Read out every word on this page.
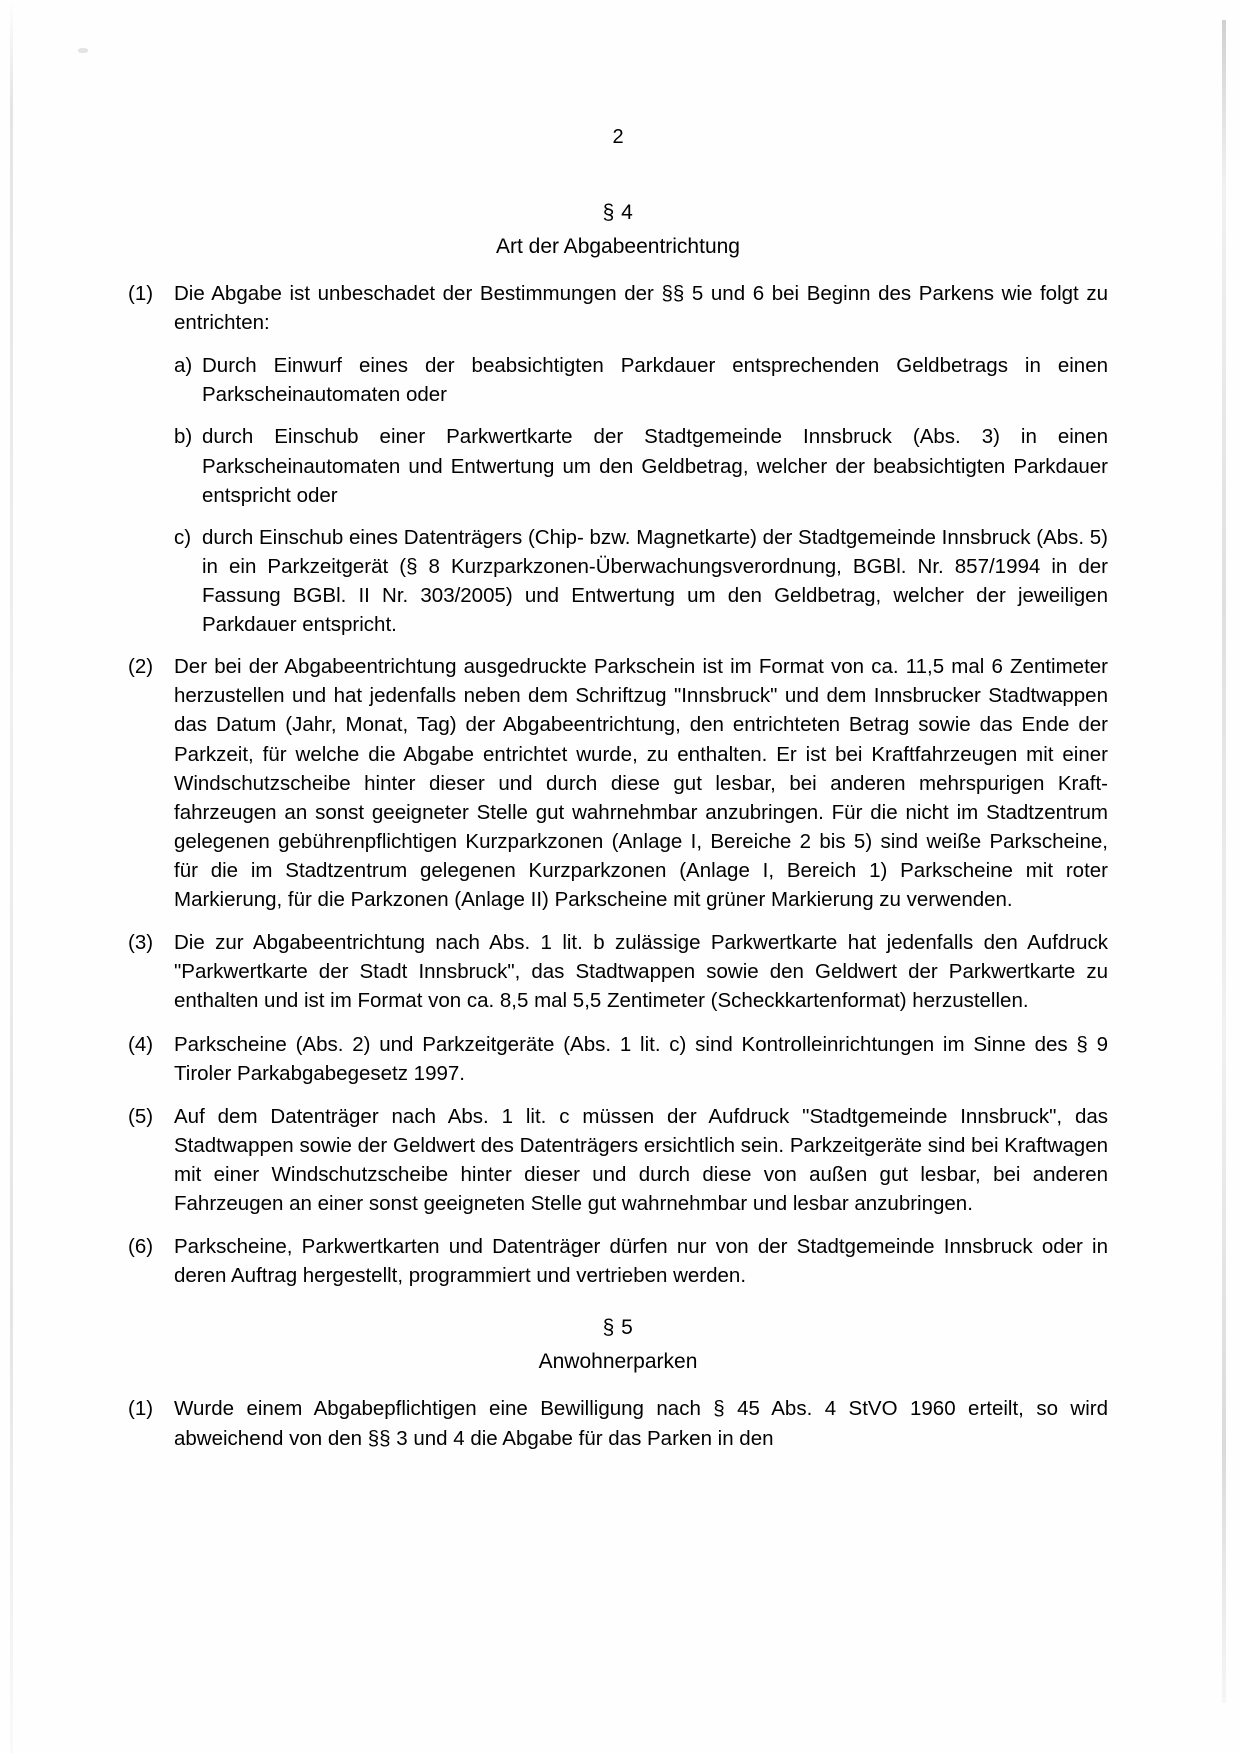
2
§ 4
Art der Abgabeentrichtung
(1)	Die Abgabe ist unbeschadet der Bestimmungen der §§ 5 und 6 bei Beginn des Parkens wie folgt zu entrichten:
a) Durch Einwurf eines der beabsichtigten Parkdauer entsprechenden Geldbetrags in einen Parkscheinautomaten oder
b) durch Einschub einer Parkwertkarte der Stadtgemeinde Innsbruck (Abs. 3) in einen Parkscheinautomaten und Entwertung um den Geldbetrag, welcher der beabsichtigten Parkdauer entspricht oder
c) durch Einschub eines Datenträgers (Chip- bzw. Magnetkarte) der Stadtgemeinde Innsbruck (Abs. 5) in ein Parkzeitgerät (§ 8 Kurzparkzonen-Überwachungsverordnung, BGBl. Nr. 857/1994 in der Fassung BGBl. II Nr. 303/2005) und Entwertung um den Geldbetrag, welcher der jeweiligen Parkdauer entspricht.
(2)	Der bei der Abgabeentrichtung ausgedruckte Parkschein ist im Format von ca. 11,5 mal 6 Zentimeter herzustellen und hat jedenfalls neben dem Schriftzug "Innsbruck" und dem Innsbrucker Stadtwappen das Datum (Jahr, Monat, Tag) der Abgabeentrichtung, den entrichteten Betrag sowie das Ende der Parkzeit, für welche die Abgabe entrichtet wurde, zu enthalten. Er ist bei Kraftfahrzeugen mit einer Windschutzscheibe hinter dieser und durch diese gut lesbar, bei anderen mehrspurigen Kraftfahrzeugen an sonst geeigneter Stelle gut wahrnehmbar anzubringen. Für die nicht im Stadtzentrum gelegenen gebührenpflichtigen Kurzparkzonen (Anlage I, Bereiche 2 bis 5) sind weiße Parkscheine, für die im Stadtzentrum gelegenen Kurzparkzonen (Anlage I, Bereich 1) Parkscheine mit roter Markierung, für die Parkzonen (Anlage II) Parkscheine mit grüner Markierung zu verwenden.
(3)	Die zur Abgabeentrichtung nach Abs. 1 lit. b zulässige Parkwertkarte hat jedenfalls den Aufdruck "Parkwertkarte der Stadt Innsbruck", das Stadtwappen sowie den Geldwert der Parkwertkarte zu enthalten und ist im Format von ca. 8,5 mal 5,5 Zentimeter (Scheckkartenformat) herzustellen.
(4)	Parkscheine (Abs. 2) und Parkzeitgeräte (Abs. 1 lit. c) sind Kontrolleinrichtungen im Sinne des § 9 Tiroler Parkabgabegesetz 1997.
(5)	Auf dem Datenträger nach Abs. 1 lit. c müssen der Aufdruck "Stadtgemeinde Innsbruck", das Stadtwappen sowie der Geldwert des Datenträgers ersichtlich sein. Parkzeitgeräte sind bei Kraftwagen mit einer Windschutzscheibe hinter dieser und durch diese von außen gut lesbar, bei anderen Fahrzeugen an einer sonst geeigneten Stelle gut wahrnehmbar und lesbar anzubringen.
(6)	Parkscheine, Parkwertkarten und Datenträger dürfen nur von der Stadtgemeinde Innsbruck oder in deren Auftrag hergestellt, programmiert und vertrieben werden.
§ 5
Anwohnerparken
(1)	Wurde einem Abgabepflichtigen eine Bewilligung nach § 45 Abs. 4 StVO 1960 erteilt, so wird abweichend von den §§ 3 und 4 die Abgabe für das Parken in den
